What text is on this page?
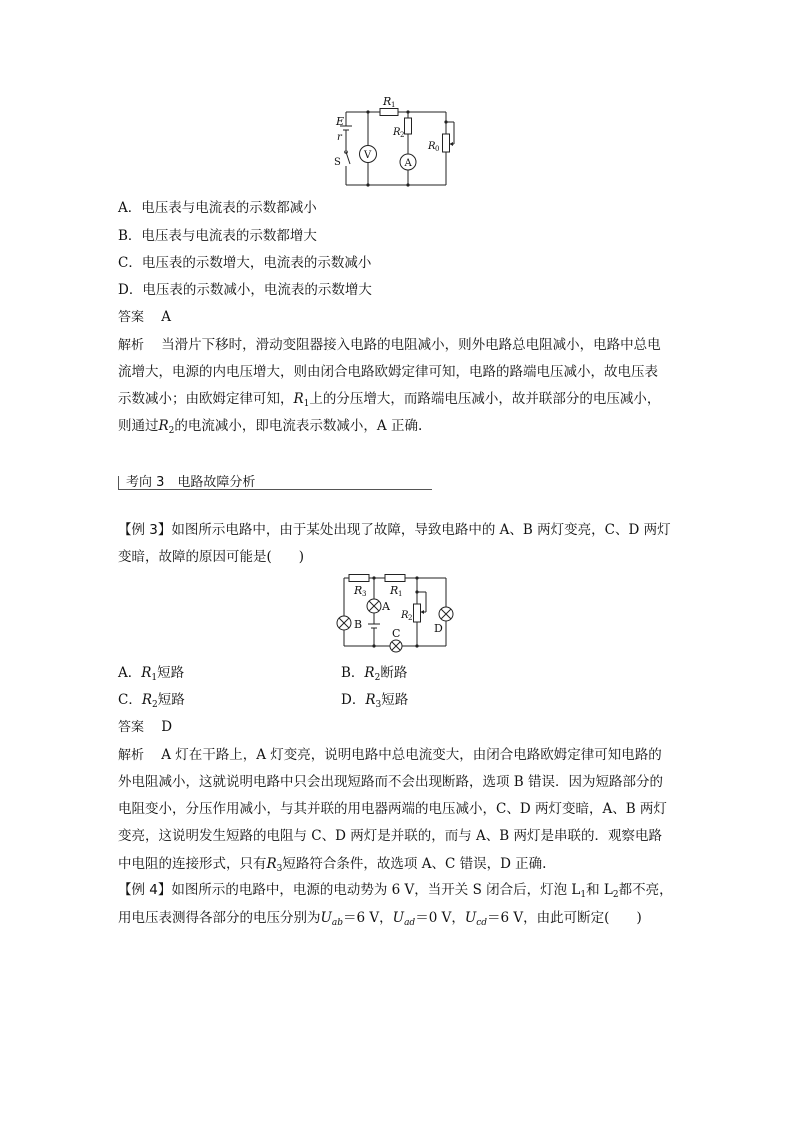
E
r
S
R 1
R 2
R 0
V
A
A．电压表与电流表的示数都减小
B．电压表与电流表的示数都增大
C．电压表的示数增大，电流表的示数减小
D．电压表的示数减小，电流表的示数增大
答案 A
解析 当滑片下移时，滑动变阻器接入电路的电阻减小，则外电路总电阻减小，电路中总电
流增大，电源的内电压增大，则由闭合电路欧姆定律可知，电路的路端电压减小，故电压表
示数减小；由欧姆定律可知，$R_1$上的分压增大，而路端电压减小，故并联部分的电压减小，
则通过$R_2$的电流减小，即电流表示数减小，A 正确.
考向 3　电路故障分析
【例 3】如图所示电路中，由于某处出现了故障，导致电路中的 A、B 两灯变亮，C、D 两灯
变暗，故障的原因可能是(　　)
R 3 R 1
R 2
A
B
C	D
A．$R_1$短路	B．$R_2$断路
C．$R_2$短路	D．$R_3$短路
答案 D
解析 A 灯在干路上，A 灯变亮，说明电路中总电流变大，由闭合电路欧姆定律可知电路的
外电阻减小，这就说明电路中只会出现短路而不会出现断路，选项 B 错误．因为短路部分的
电阻变小，分压作用减小，与其并联的用电器两端的电压减小，C、D 两灯变暗，A、B 两灯
变亮，这说明发生短路的电阻与 C、D 两灯是并联的，而与 A、B 两灯是串联的．观察电路
中电阻的连接形式，只有$R_3$短路符合条件，故选项 A、C 错误，D 正确.
【例 4】如图所示的电路中，电源的电动势为 6 V，当开关 S 闭合后，灯泡 $L_1$和 $L_2$都不亮，
用电压表测得各部分的电压分别为$U_{ab}=6$ V，$U_{ad}=0$ V，$U_{cd}=6$ V，由此可断定(　　)
